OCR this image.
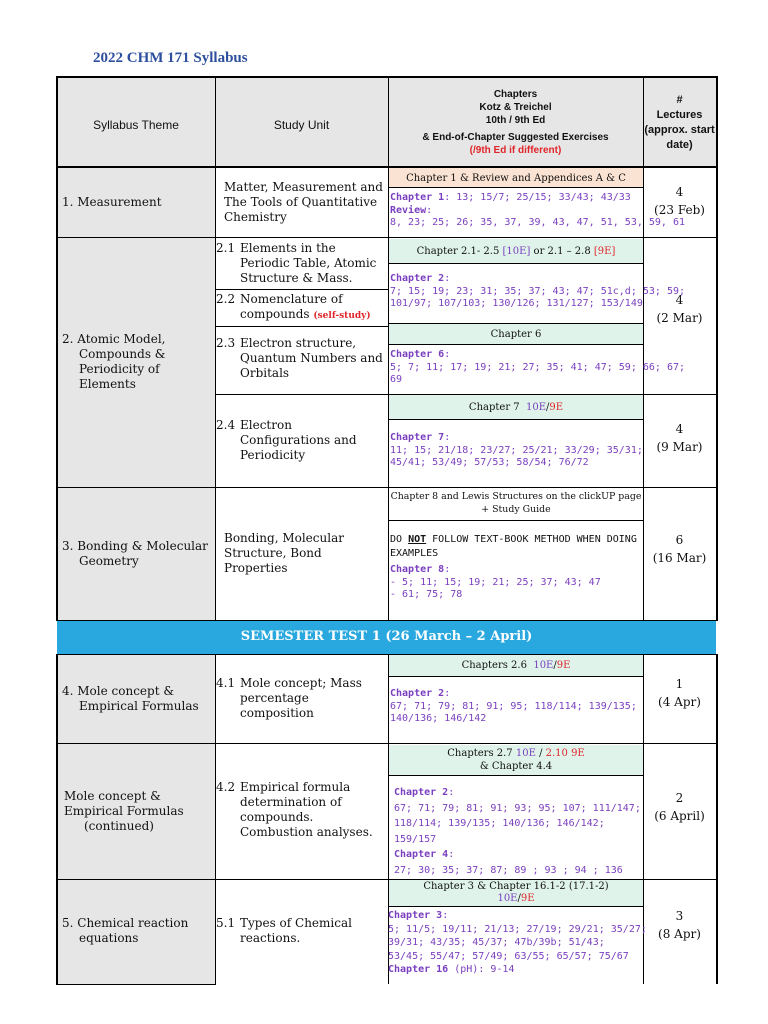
2022 CHM 171 Syllabus
Syllabus Theme	Study Unit
Chapters
Kotz & Treichel
10th / 9th Ed
& End-of-Chapter Suggested Exercises
(/9th Ed if different)
#
Lectures
(approx. start date)
1. Measurement
Matter, Measurement and The Tools of Quantitative Chemistry
Chapter 1 & Review and Appendices A & C
Chapter 1: 13; 15/7; 25/15; 33/43; 43/33
Review:
8, 23; 25; 26; 35, 37, 39, 43, 47, 51, 53, 59, 61
4
(23 Feb)
2. Atomic Model,
Compounds &
Periodicity of
Elements
2.1 Elements in the Periodic Table, Atomic Structure & Mass.
2.2 Nomenclature of compounds (self-study)
2.3 Electron structure, Quantum Numbers and Orbitals
Chapter 2.1- 2.5 [10E] or 2.1 – 2.8 [9E]
Chapter 2:
7; 15; 19; 23; 31; 35; 37; 43; 47; 51c,d; 53; 59;
101/97; 107/103; 130/126; 131/127; 153/149
Chapter 6
Chapter 6:
5; 7; 11; 17; 19; 21; 27; 35; 41; 47; 59; 66; 67;
69
4
(2 Mar)
2.4 Electron Configurations and Periodicity
Chapter 7 10E/9E
Chapter 7:
11; 15; 21/18; 23/27; 25/21; 33/29; 35/31;
45/41; 53/49; 57/53; 58/54; 76/72
4
(9 Mar)
3. Bonding & Molecular
Geometry
Bonding, Molecular Structure, Bond Properties
Chapter 8 and Lewis Structures on the clickUP page
+ Study Guide
DO NOT FOLLOW TEXT-BOOK METHOD WHEN DOING EXAMPLES
Chapter 8:
- 5; 11; 15; 19; 21; 25; 37; 43; 47
- 61; 75; 78
6
(16 Mar)
SEMESTER TEST 1 (26 March – 2 April)
4. Mole concept &
Empirical Formulas
4.1 Mole concept; Mass percentage composition
Chapters 2.6 10E/9E
Chapter 2:
67; 71; 79; 81; 91; 95; 118/114; 139/135;
140/136; 146/142
1
(4 Apr)
Mole concept &
Empirical Formulas
(continued)
4.2 Empirical formula determination of compounds. Combustion analyses.
Chapters 2.7 10E / 2.10 9E
& Chapter 4.4
Chapter 2:
67; 71; 79; 81; 91; 93; 95; 107; 111/147;
118/114; 139/135; 140/136; 146/142;
159/157
Chapter 4:
27; 30; 35; 37; 87; 89 ; 93 ; 94 ; 136
2
(6 April)
5. Chemical reaction
equations
5.1 Types of Chemical reactions.
Chapter 3 & Chapter 16.1-2 (17.1-2)
10E/9E
Chapter 3:
5; 11/5; 19/11; 21/13; 27/19; 29/21; 35/27;
39/31; 43/35; 45/37; 47b/39b; 51/43;
53/45; 55/47; 57/49; 63/55; 65/57; 75/67
Chapter 16 (pH): 9-14
3
(8 Apr)
